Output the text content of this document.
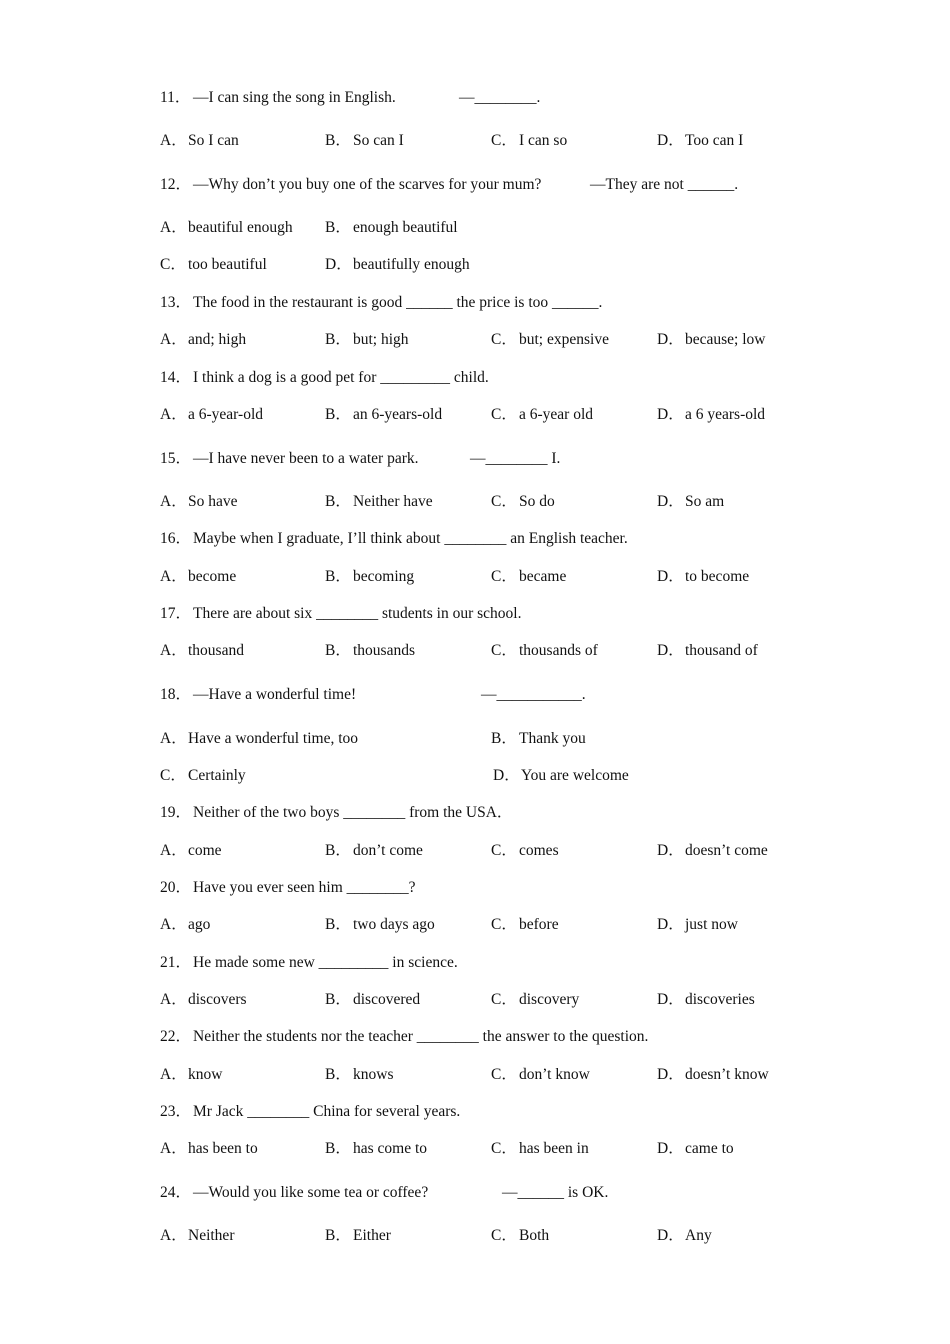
11． —I can sing the song in English.	—________.
A． So I can	B． So can I	C． I can so	D． Too can I
12． —Why don’t you buy one of the scarves for your mum?	—They are not ______.
A． beautiful enough B． enough beautiful
C． too beautiful	D． beautifully enough
13． The food in the restaurant is good ______ the price is too ______.
A． and; high	B． but; high	C． but; expensive	D． because; low
14． I think a dog is a good pet for _________ child.
A． a 6-year-old	B． an 6-years-old	C． a 6-year old	D． a 6 years-old
15． —I have never been to a water park.	—________ I.
A． So have	B． Neither have	C． So do	D． So am
16． Maybe when I graduate, I’ll think about ________ an English teacher.
A． become	B． becoming	C． became	D． to become
17． There are about six ________ students in our school.
A． thousand	B． thousands	C． thousands of	D． thousand of
18． —Have a wonderful time!	—___________.
A． Have a wonderful time, too	B． Thank you
C． Certainly	D． You are welcome
19． Neither of the two boys ________ from the USA．
A． come	B． don’t come	C． comes	D． doesn’t come
20． Have you ever seen him ________?
A． ago	B． two days ago	C． before	D． just now
21． He made some new _________ in science.
A． discovers	B． discovered	C． discovery	D． discoveries
22． Neither the students nor the teacher ________ the answer to the question.
A． know	B． knows	C． don’t know	D． doesn’t know
23． Mr Jack ________ China for several years.
A． has been to	B． has come to	C． has been in	D． came to
24． —Would you like some tea or coffee?	—______ is OK.
A． Neither	B． Either	C． Both	D． Any
